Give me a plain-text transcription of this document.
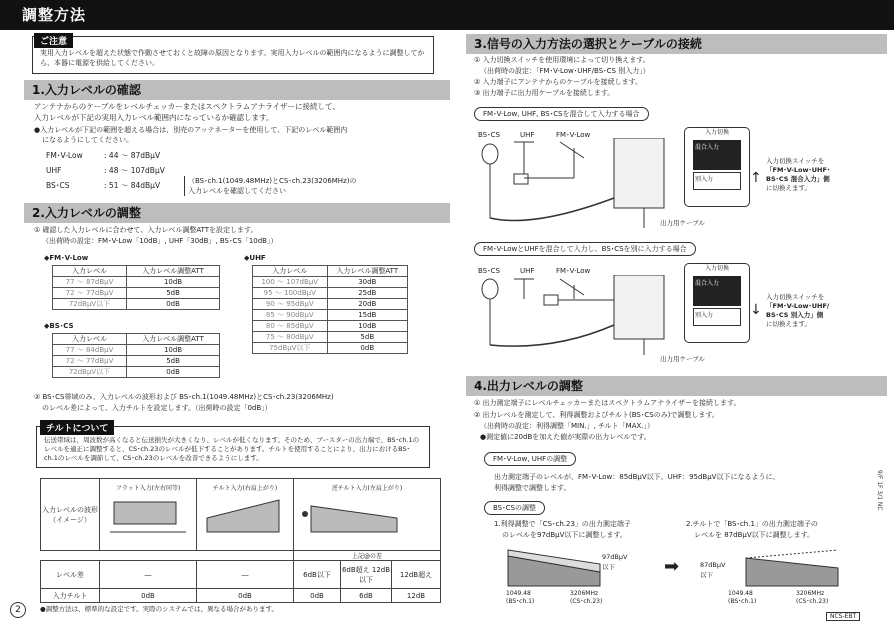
調整方法
ご注意
実用入力レベルを超えた状態で作動させておくと故障の原因となります。実用入力レベルの範囲内になるように調整してから、本器に電源を供給してください。
1.入力レベルの確認
アンテナからのケーブルをレベルチェッカーまたはスペクトラムアナライザーに接続して、
入力レベルが下記の実用入力レベル範囲内になっているか確認します。
●入力レベルが下記の範囲を超える場合は、別売のアッテネーターを使用して、下記のレベル範囲内
になるようにしてください。
FM･V-Low	: 44 ～ 87dBμV
UHF	: 48 ～ 107dBμV
BS･CS	: 51 ～ 84dBμV	（BS･ch.1(1049.48MHz)とCS･ch.23(3206MHz)の
入力レベルを確認してください
2.入力レベルの調整
① 確認した入力レベルに合わせて、入力レベル調整ATTを設定します。
（出荷時の設定：FM･V-Low「10dB」, UHF「30dB」, BS･CS「10dB」）
◆FM･V-Low
入力レベル	入力レベル調整ATT
77 ～ 87dBμV	10dB
72 ～ 77dBμV	5dB
72dBμV以下	0dB
◆BS･CS
入力レベル	入力レベル調整ATT
77 ～ 84dBμV	10dB
72 ～ 77dBμV	5dB
72dBμV以下	0dB
◆UHF
入力レベル	入力レベル調整ATT
100 ～ 107dBμV	30dB
95 ～ 100dBμV	25dB
90 ～ 95dBμV	20dB
85 ～ 90dBμV	15dB
80 ～ 85dBμV	10dB
75 ～ 80dBμV	5dB
75dBμV以下	0dB
② BS･CS帯域のみ、入力レベルの波形および BS･ch.1(1049.48MHz)とCS･ch.23(3206MHz)
のレベル差によって、入力チルトを設定します。（出荷時の設定「0dB」）
チルトについて
伝送帯域は、周波数が高くなると伝送損失が大きくなり、レベルが低くなります。そのため、ブースターの出力端で、BS･ch.1のレベルを適正に調整すると、CS･ch.23のレベルが低下することがあります。チルトを使用することにより、出力におけるBS･ch.1のレベルを調節して、CS･ch.23のレベルを改善できるようにします。
入力レベルの波形（イメージ）	フラット入力(左右同等)	チルト入力(右肩上がり)	逆チルト入力(左肩上がり)		

			上記@の差		
レベル差	―	―	6dB以下	6dB超え 12dB以下	12dB超え
入力チルト	0dB	0dB	0dB	6dB	12dB
2	●調整方法は、標準的な設定です。実際のシステムでは、異なる場合があります。
3.信号の入力方法の選択とケーブルの接続
① 入力切換スイッチを使用環境によって切り換えます。
（出荷時の設定：「FM･V-Low･UHF/BS･CS 別入力」）
② 入力端子にアンテナからのケーブルを接続します。
③ 出力端子に出力用ケーブルを接続します。
FM･V-Low, UHF, BS･CSを混合して入力する場合
BS･CS	UHF	FM･V-Low	入力切換
混合入力
別入力	↑
入力切換スイッチを
「FM･V-Low･UHF･
BS･CS 混合入力」側
に切換えます。
出力用ケーブル
FM･V-LowとUHFを混合して入力し、BS･CSを別に入力する場合
BS･CS	UHF	FM･V-Low	入力切換
混合入力
別入力	↓
入力切換スイッチを
「FM･V-Low･UHF/
BS･CS 別入力」側
に切換えます。
出力用ケーブル
4.出力レベルの調整
① 出力測定端子にレベルチェッカーまたはスペクトラムアナライザーを接続します。
② 出力レベルを測定して、利得調整およびチルト(BS･CSのみ)で調整します。
（出荷時の設定：利得調整「MIN.」, チルト「MAX.」）
●測定値に20dBを加えた値が実際の出力レベルです。
FM･V-Low, UHFの調整
出力測定端子のレベルが、FM･V-Low：85dBμV以下、UHF：95dBμV以下になるように、
利得調整で調整します。
BS･CSの調整
1.利得調整で「CS･ch.23」の出力測定端子
のレベルを97dBμV以下に調整します。
2.チルトで「BS･ch.1」の出力測定端子の
レベルを 87dBμV以下に調整します。
97dBμV
以下
1049.48
(BS･ch.1)
3206MHz
(CS･ch.23)
➡	87dBμV
以下
1049.48
(BS･ch.1)
3206MHz
(CS･ch.23)
NCS-EBT
9/F 1F 3/1 NC
